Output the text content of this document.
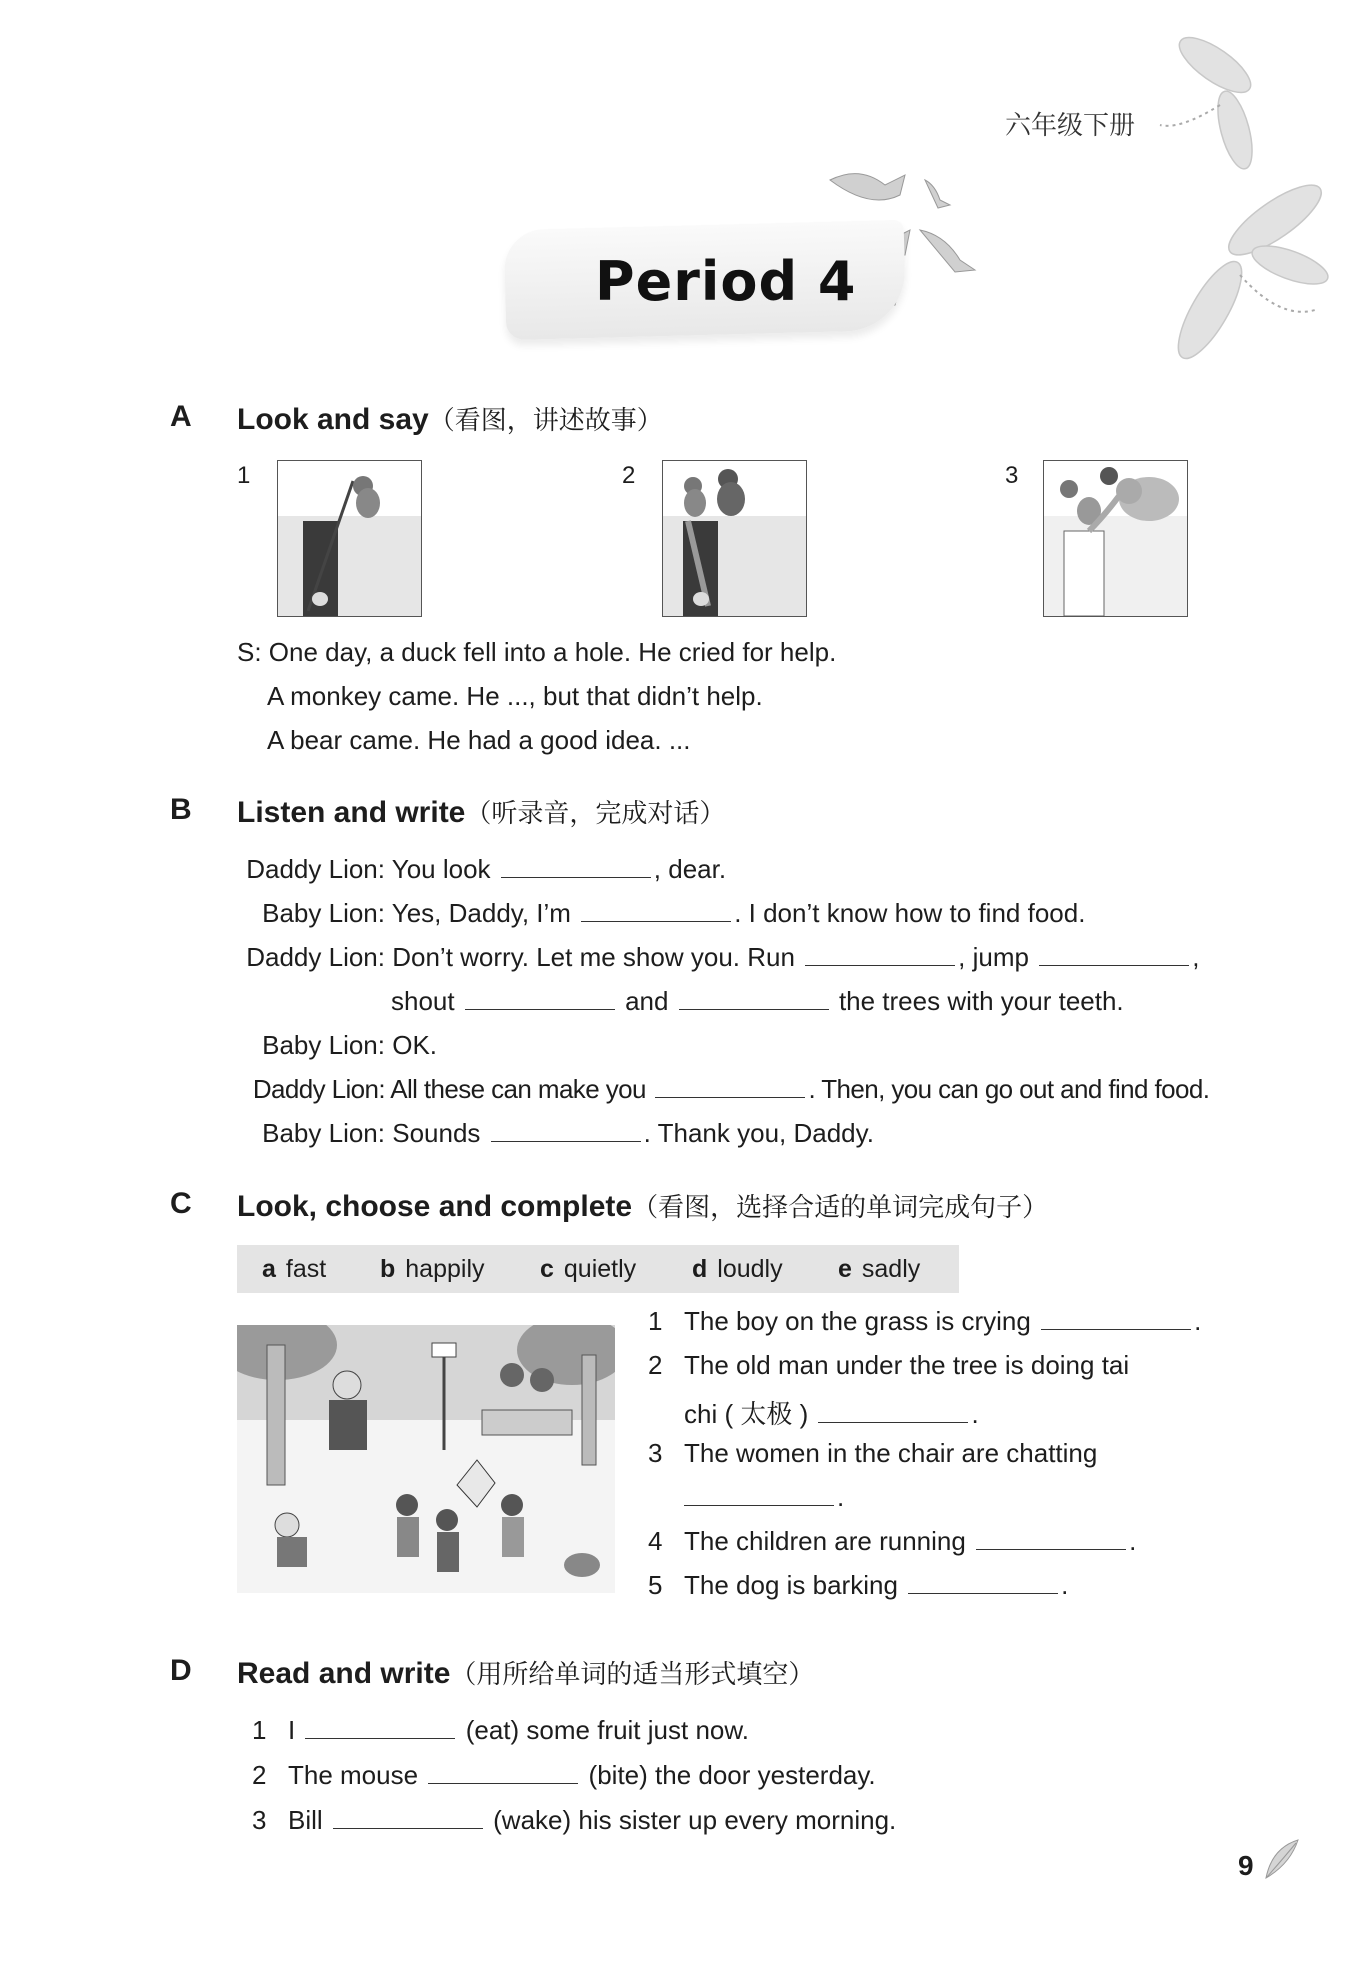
六年级下册
Period 4
A Look and say（看图，讲述故事）
1	2	3
S: One day, a duck fell into a hole. He cried for help.
A monkey came. He ..., but that didn’t help.
A bear came. He had a good idea. ...
B Listen and write（听录音，完成对话）
Daddy Lion: You look	, dear.
Baby Lion: Yes, Daddy, I’m	. I don’t know how to find food.
Daddy Lion: Don’t worry. Let me show you. Run	, jump	,
shout	and	the trees with your teeth.
Baby Lion: OK.
Daddy Lion: All these can make you	. Then, you can go out and find food.
Baby Lion: Sounds	. Thank you, Daddy.
C Look, choose and complete（看图，选择合适的单词完成句子）
a fast b happily c quietly d loudly e sadly
1 The boy on the grass is crying	.
2 The old man under the tree is doing tai
chi ( 太极 )	.
3 The women in the chair are chatting
.
4 The children are running	.
5 The dog is barking	.
D Read and write（用所给单词的适当形式填空）
1 I	(eat) some fruit just now.
2 The mouse	(bite) the door yesterday.
3 Bill	(wake) his sister up every morning.
9
